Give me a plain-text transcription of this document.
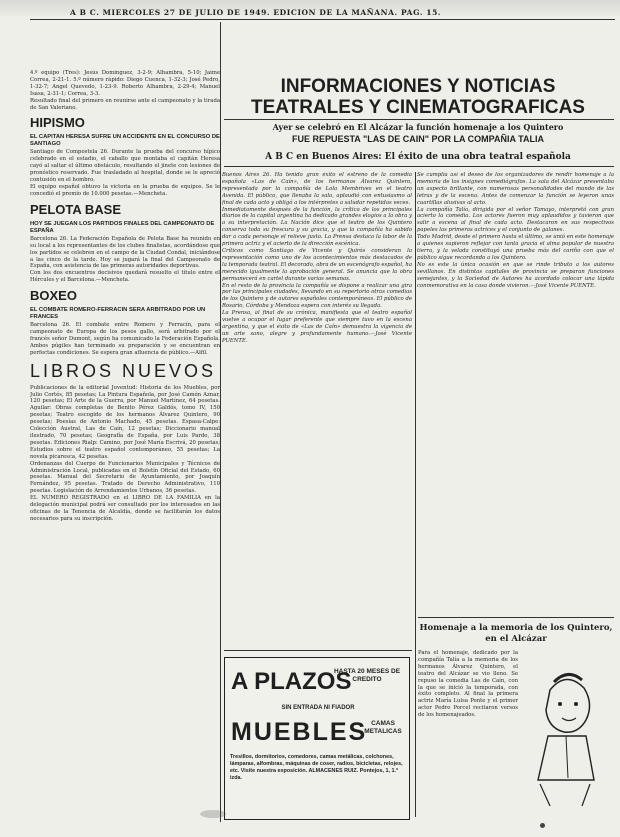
A B C. MIERCOLES 27 DE JULIO DE 1949. EDICION DE LA MAÑANA. PAG. 15.
INFORMACIONES Y NOTICIAS
TEATRALES Y CINEMATOGRAFICAS
Ayer se celebró en El Alcázar la función homenaje a los Quintero
FUE REPUESTA "LAS DE CAIN" POR LA COMPAÑIA TALIA
A B C en Buenos Aires: El éxito de una obra teatral española

4.º equipo (Tres): Jesús Domínguez, 3-2-9; Alhambra, 5-10; Jaime Correa, 2-21-1. 5.º número rápido: Diego Cuenca, 1-32-3; José Pedro, 1-32-7; Angel Quevedo, 1-23-9. Roberto Alhambra, 2-29-4; Manuel Isasa, 2-31-1; Correa, 3-3.

Resultado final del primero en reunirse ante el campeonato y la tirada de San Valeriano.

HIPISMO
EL CAPITAN HERESA SUFRE UN ACCIDENTE EN EL CONCURSO DE SANTIAGO

Santiago de Compostela 26. Durante la prueba del concurso hípico celebrado en el estadio, el caballo que montaba el capitán Heresa cayó al saltar el último obstáculo, resultando el jinete con lesiones de pronóstico reservado. Fue trasladado al hospital, donde se le apreció contusión en el hombro.

El equipo español obtuvo la victoria en la prueba de equipos. Se le concedió el premio de 10.000 pesetas.—Mencheta.

PELOTA BASE
HOY SE JUEGAN LOS PARTIDOS FINALES DEL CAMPEONATO DE ESPAÑA

Barcelona 26. La Federación Española de Pelota Base ha reunido en su local a los representantes de los clubes finalistas, acordándose que los partidos se celebren en el campo de la Ciudad Condal, iniciándose a las cinco de la tarde. Hoy se jugará la final del Campeonato de España, con asistencia de las primeras autoridades deportivas.

Con los dos encuentros decisivos quedará resuelto el título entre el Hércules y el Barcelona.—Mencheta.

BOXEO
EL COMBATE ROMERO-FERRACIN SERA ARBITRADO POR UN FRANCES

Barcelona 26. El combate entre Romero y Ferracín, para el campeonato de Europa de los pesos gallo, será arbitrado por el francés señor Dumont, según ha comunicado la Federación Española. Ambos púgiles han terminado su preparación y se encuentran en perfectas condiciones. Se espera gran afluencia de público.—Alfil.

LIBROS NUEVOS

Publicaciones de la editorial Juventud: Historia de los Muebles, por Julio Cortés, 85 pesetas; La Pintura Española, por José Camón Aznar, 120 pesetas; El Arte de la Guerra, por Manuel Martínez, 64 pesetas. Aguilar: Obras completas de Benito Pérez Galdós, tomo IV, 150 pesetas; Teatro escogido de los hermanos Álvarez Quintero, 90 pesetas; Poesías de Antonio Machado, 45 pesetas. Espasa-Calpe: Colección Austral, Las de Caín, 12 pesetas; Diccionario manual ilustrado, 70 pesetas; Geografía de España, por Luis Pardo, 38 pesetas. Ediciones Rialp: Camino, por José María Escrivá, 20 pesetas; Estudios sobre el teatro español contemporáneo, 55 pesetas; La novela picaresca, 42 pesetas.

Ordenanzas del Cuerpo de Funcionarios Municipales y Técnicos de Administración Local, publicadas en el Boletín Oficial del Estado, 60 pesetas. Manual del Secretario de Ayuntamiento, por Joaquín Fernández, 95 pesetas. Tratado de Derecho Administrativo, 110 pesetas. Legislación de Arrendamientos Urbanos, 36 pesetas.

EL NUMERO REGISTRADO en el LIBRO DE LA FAMILIA en la delegación municipal podrá ser consultado por los interesados en las oficinas de la Tenencia de Alcaldía, donde se facilitarán los datos necesarios para su inscripción.

Buenos Aires 26. Ha tenido gran éxito el estreno de la comedia española «Las de Caín», de los hermanos Álvarez Quintero, representada por la compañía de Lola Membrives en el teatro Avenida. El público, que llenaba la sala, aplaudió con entusiasmo al final de cada acto y obligó a los intérpretes a saludar repetidas veces.

Inmediatamente después de la función, la crítica de los principales diarios de la capital argentina ha dedicado grandes elogios a la obra y a su interpretación. La Nación dice que el teatro de los Quintero conserva toda su frescura y su gracia, y que la compañía ha sabido dar a cada personaje el relieve justo. La Prensa destaca la labor de la primera actriz y el acierto de la dirección escénica.

Críticos como Santiago de Vicente y Quirós consideran la representación como uno de los acontecimientos más destacados de la temporada teatral. El decorado, obra de un escenógrafo español, ha merecido igualmente la aprobación general. Se anuncia que la obra permanecerá en cartel durante varias semanas.

En el resto de la provincia la compañía se dispone a realizar una gira por las principales ciudades, llevando en su repertorio otras comedias de los Quintero y de autores españoles contemporáneos. El público de Rosario, Córdoba y Mendoza espera con interés su llegada.

La Prensa, al final de su crónica, manifiesta que el teatro español vuelve a ocupar el lugar preferente que siempre tuvo en la escena argentina, y que el éxito de «Las de Caín» demuestra la vigencia de un arte sano, alegre y profundamente humano.—José Vicente PUENTE.

Se cumplía así el deseo de los organizadores de rendir homenaje a la memoria de los insignes comediógrafos. La sala del Alcázar presentaba un aspecto brillante, con numerosas personalidades del mundo de las letras y de la escena. Antes de comenzar la función se leyeron unas cuartillas alusivas al acto.

La compañía Talía, dirigida por el señor Tamayo, interpretó con gran acierto la comedia. Los actores fueron muy aplaudidos y tuvieron que salir a escena al final de cada acto. Destacaron en sus respectivos papeles las primeras actrices y el conjunto de galanes.

Todo Madrid, desde el primero hasta el último, se unió en este homenaje a quienes supieron reflejar con tanta gracia el alma popular de nuestra tierra, y la velada constituyó una prueba más del cariño con que el público sigue recordando a los Quintero.

No es este la única ocasión en que se rinde tributo a los autores sevillanos. En distintas capitales de provincia se preparan funciones semejantes, y la Sociedad de Autores ha acordado colocar una lápida conmemorativa en la casa donde vivieron.—José Vicente PUENTE.

Homenaje a la memoria de los Quintero, en el Alcázar

Para el homenaje, dedicado por la compañía Talía a la memoria de los hermanos Álvarez Quintero, el teatro del Alcázar se vio lleno. Se repuso la comedia Las de Caín, con la que se inició la temporada, con éxito completo. Al final la primera actriz María Luisa Ponte y el primer actor Pedro Porcel recitaron versos de los homenajeados.

A PLAZOS
HASTA 20 MESES DE CREDITO
SIN ENTRADA NI FIADOR
MUEBLES CAMAS METALICAS
Tresillos, dormitorios, comedores, camas metálicas, colchones, lámparas, alfombras, máquinas de coser, radios, bicicletas, relojes, etc. Visite nuestra exposición. ALMACENES RUIZ. Pontejos, 1, 1.ª izda.
